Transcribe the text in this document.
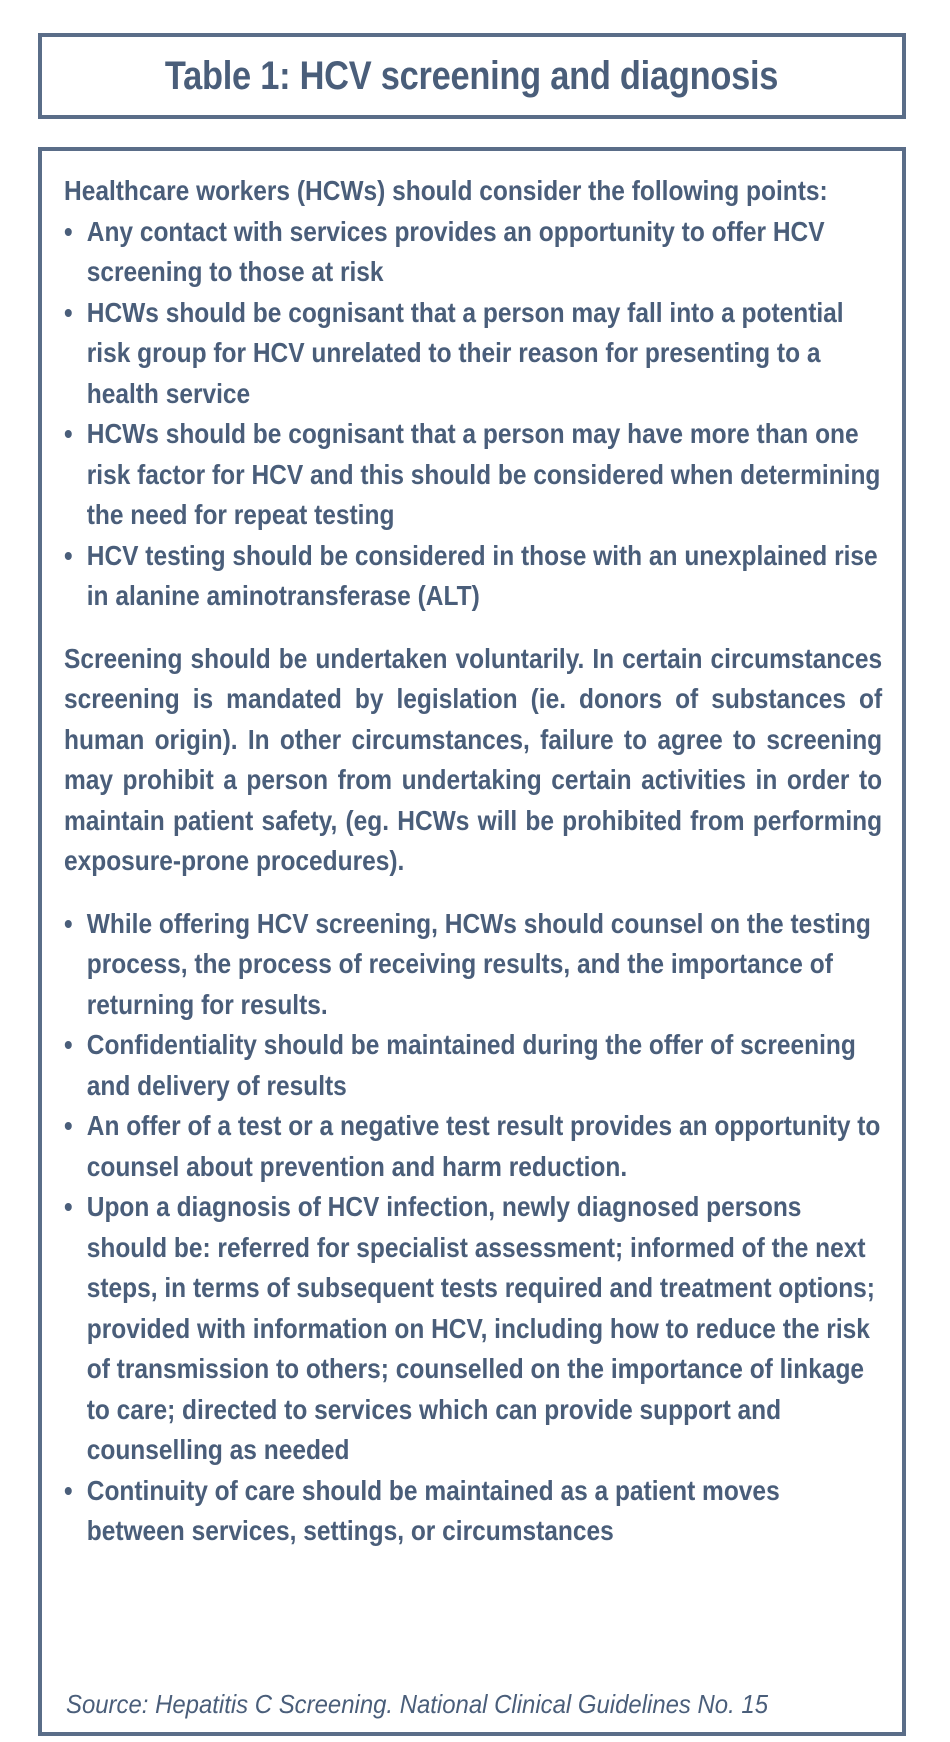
Table 1: HCV screening and diagnosis

Healthcare workers (HCWs) should consider the following points:

• Any contact with services provides an opportunity to offer HCV screening to those at risk
• HCWs should be cognisant that a person may fall into a potential risk group for HCV unrelated to their reason for presenting to a health service
• HCWs should be cognisant that a person may have more than one risk factor for HCV and this should be considered when determining the need for repeat testing
• HCV testing should be considered in those with an unexplained rise in alanine aminotransferase (ALT)

Screening should be undertaken voluntarily. In certain circumstances screening is mandated by legislation (ie. donors of substances of human origin). In other circumstances, failure to agree to screening may prohibit a person from undertaking certain activities in order to maintain patient safety, (eg. HCWs will be prohibited from performing exposure-prone procedures).

• While offering HCV screening, HCWs should counsel on the testing process, the process of receiving results, and the importance of returning for results.
• Confidentiality should be maintained during the offer of screening and delivery of results
• An offer of a test or a negative test result provides an opportunity to counsel about prevention and harm reduction.
• Upon a diagnosis of HCV infection, newly diagnosed persons should be: referred for specialist assessment; informed of the next steps, in terms of subsequent tests required and treatment options; provided with information on HCV, including how to reduce the risk of transmission to others; counselled on the importance of linkage to care; directed to services which can provide support and counselling as needed
• Continuity of care should be maintained as a patient moves between services, settings, or circumstances
Source: Hepatitis C Screening. National Clinical Guidelines No. 15
